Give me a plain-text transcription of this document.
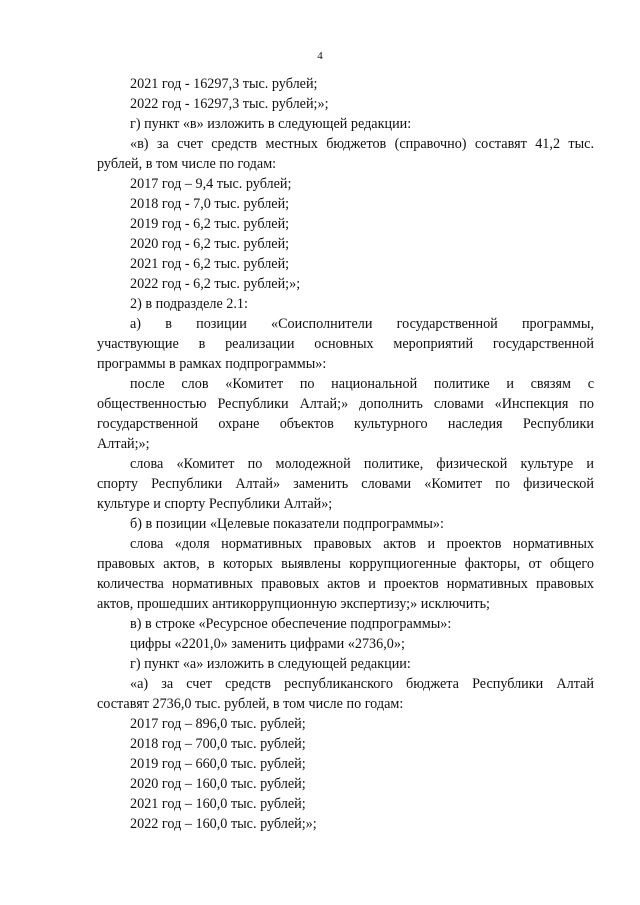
4
2021 год - 16297,3 тыс. рублей;
2022 год - 16297,3 тыс. рублей;»;
г) пункт «в» изложить в следующей редакции:
«в) за счет средств местных бюджетов (справочно) составят 41,2 тыс.
рублей, в том числе по годам:
2017 год – 9,4 тыс. рублей;
2018 год - 7,0 тыс. рублей;
2019 год - 6,2 тыс. рублей;
2020 год - 6,2 тыс. рублей;
2021 год - 6,2 тыс. рублей;
2022 год - 6,2 тыс. рублей;»;
2) в подразделе 2.1:
а) в позиции «Соисполнители государственной программы,
участвующие в реализации основных мероприятий государственной
программы в рамках подпрограммы»:
после слов «Комитет по национальной политике и связям с
общественностью Республики Алтай;» дополнить словами «Инспекция по
государственной охране объектов культурного наследия Республики
Алтай;»;
слова «Комитет по молодежной политике, физической культуре и
спорту Республики Алтай» заменить словами «Комитет по физической
культуре и спорту Республики Алтай»;
б) в позиции «Целевые показатели подпрограммы»:
слова «доля нормативных правовых актов и проектов нормативных
правовых актов, в которых выявлены коррупциогенные факторы, от общего
количества нормативных правовых актов и проектов нормативных правовых
актов, прошедших антикоррупционную экспертизу;» исключить;
в) в строке «Ресурсное обеспечение подпрограммы»:
цифры «2201,0» заменить цифрами «2736,0»;
г) пункт «а» изложить в следующей редакции:
«а) за счет средств республиканского бюджета Республики Алтай
составят 2736,0 тыс. рублей, в том числе по годам:
2017 год – 896,0 тыс. рублей;
2018 год – 700,0 тыс. рублей;
2019 год – 660,0 тыс. рублей;
2020 год – 160,0 тыс. рублей;
2021 год – 160,0 тыс. рублей;
2022 год – 160,0 тыс. рублей;»;
